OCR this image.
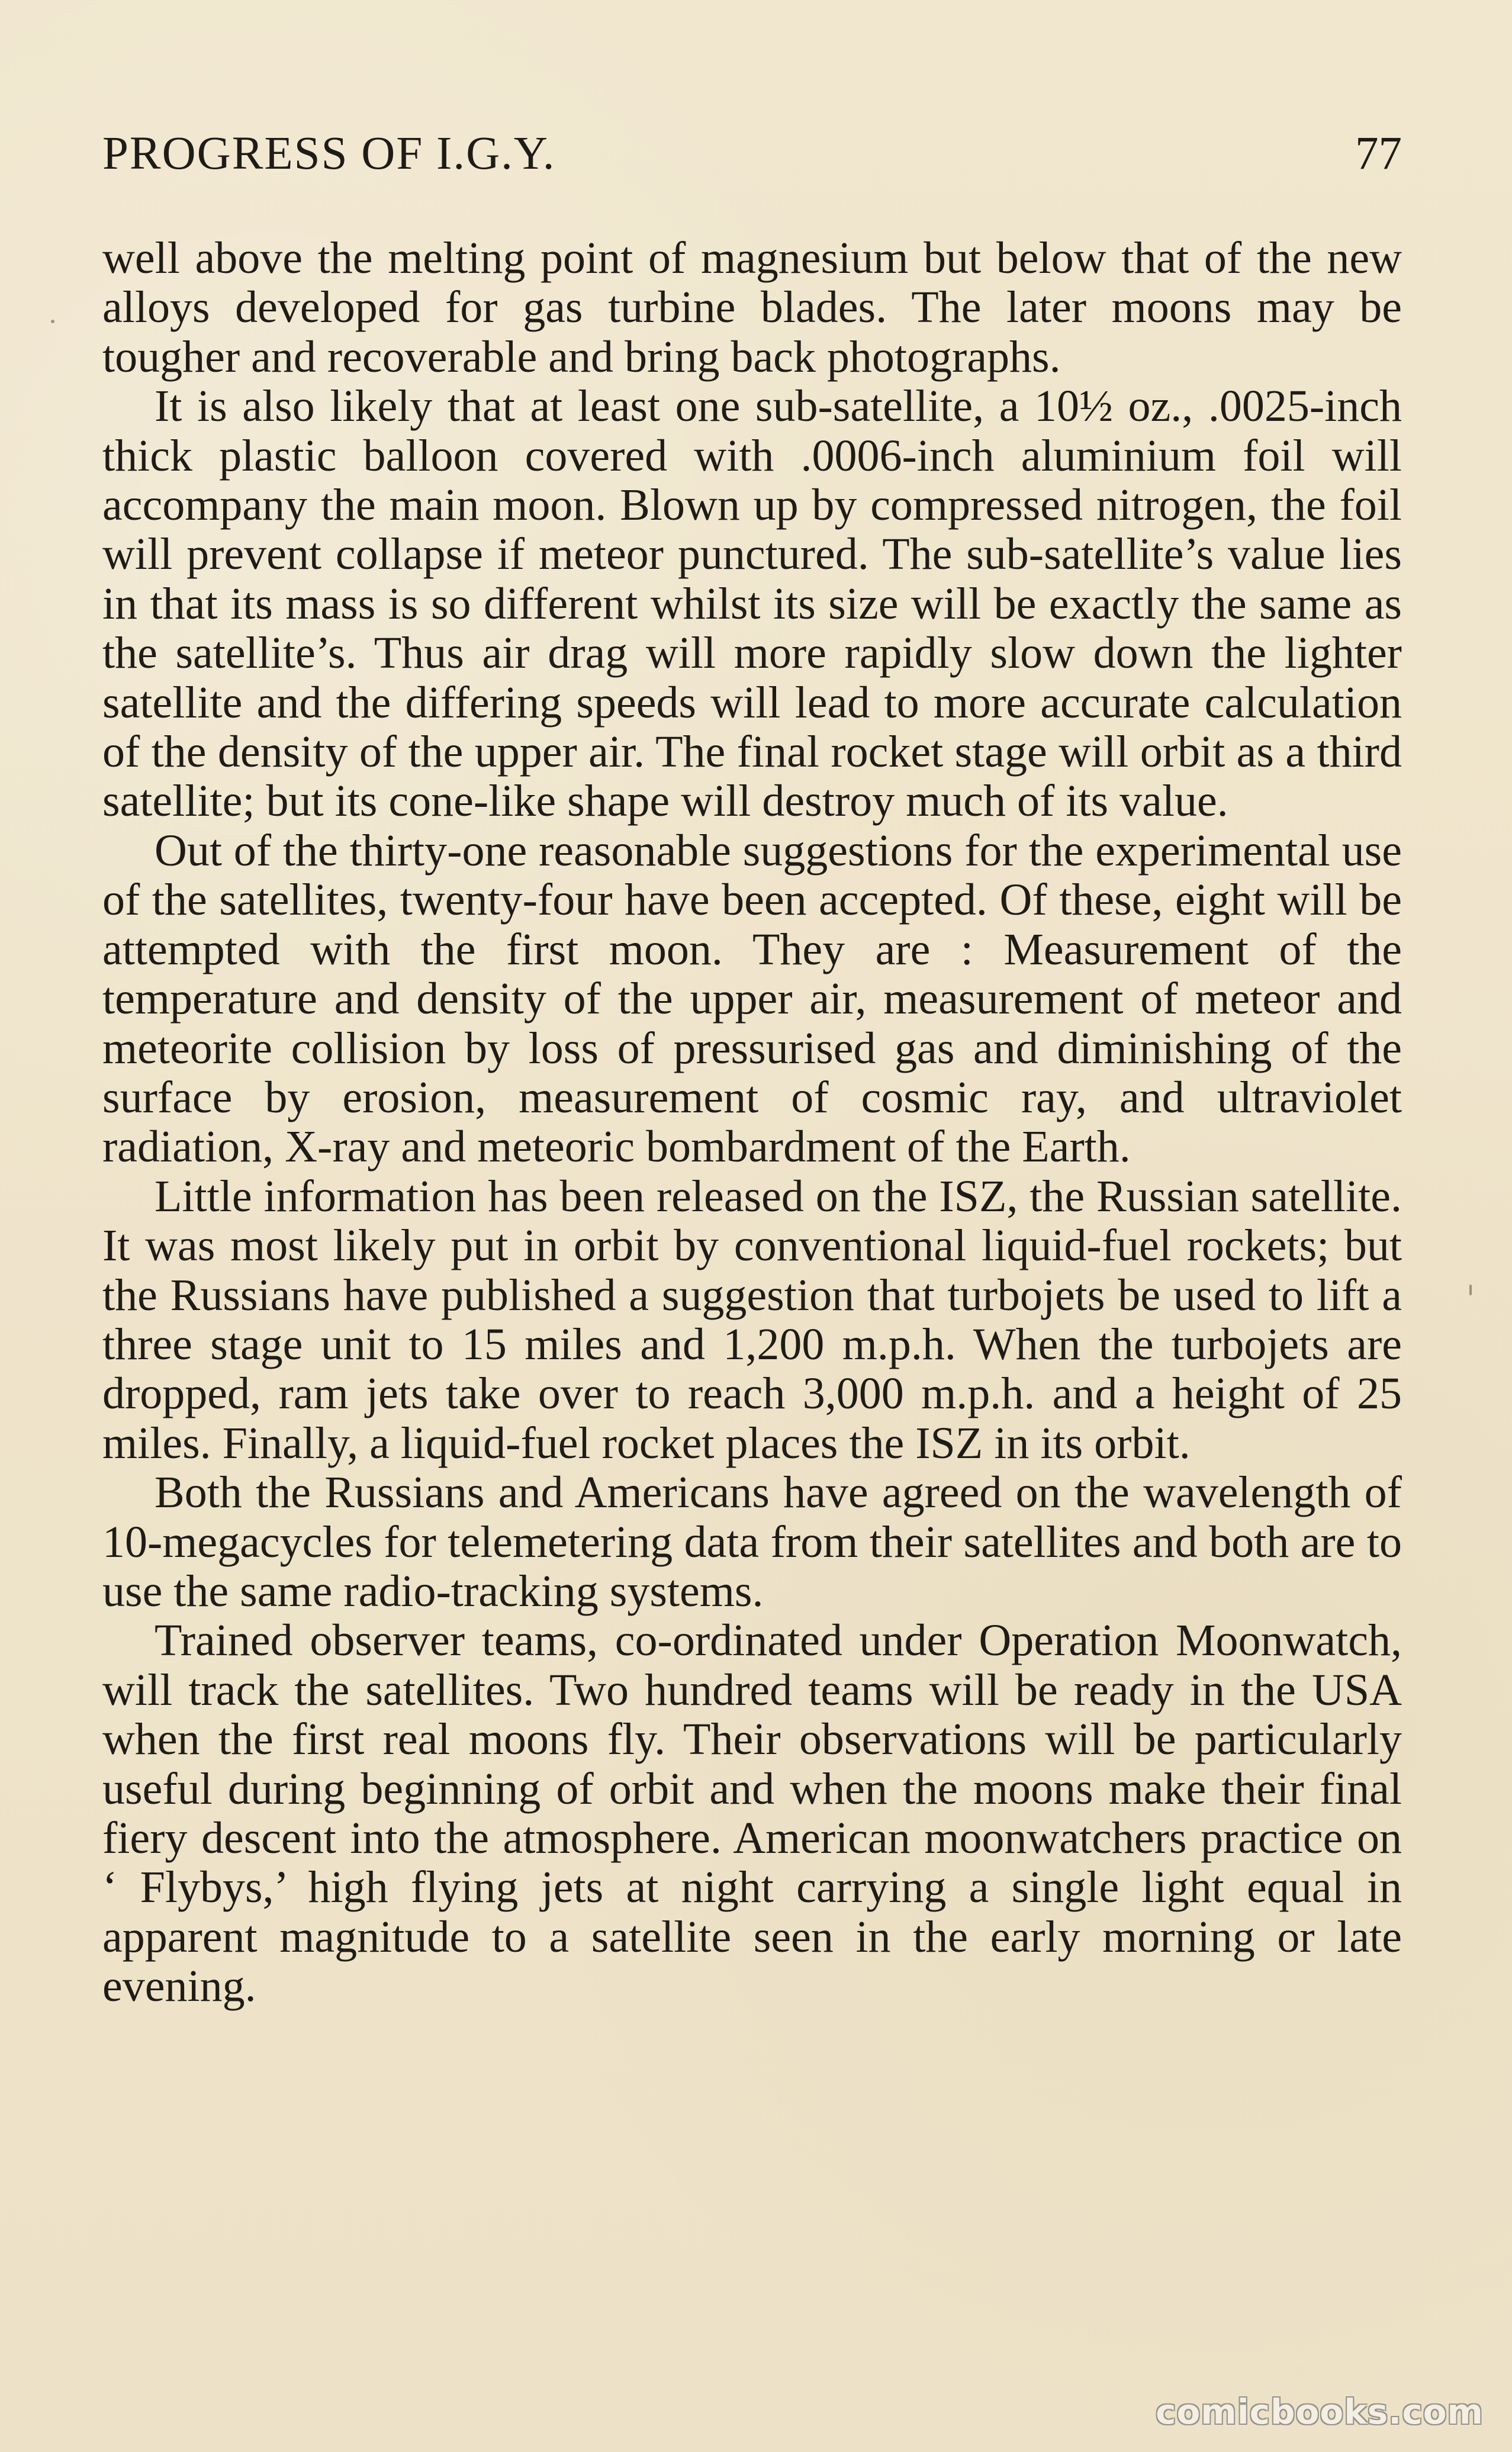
PROGRESS OF I.G.Y.	77

well above the melting point of magnesium but below that of the new alloys developed for gas turbine blades. The later moons may be tougher and recoverable and bring back photographs.

It is also likely that at least one sub-satellite, a 10½ oz., .0025-inch thick plastic balloon covered with .0006-inch aluminium foil will accompany the main moon. Blown up by compressed nitrogen, the foil will prevent collapse if meteor punctured. The sub-satellite’s value lies in that its mass is so different whilst its size will be exactly the same as the satellite’s. Thus air drag will more rapidly slow down the lighter satellite and the differing speeds will lead to more accurate calculation of the density of the upper air. The final rocket stage will orbit as a third satellite; but its cone-like shape will destroy much of its value.

Out of the thirty-one reasonable suggestions for the experimental use of the satellites, twenty-four have been accepted. Of these, eight will be attempted with the first moon. They are : Measurement of the temperature and density of the upper air, measurement of meteor and meteorite collision by loss of pressurised gas and diminishing of the surface by erosion, measurement of cosmic ray, and ultraviolet radiation, X-ray and meteoric bombardment of the Earth.

Little information has been released on the ISZ, the Russian satellite. It was most likely put in orbit by conventional liquid-fuel rockets; but the Russians have published a suggestion that turbojets be used to lift a three stage unit to 15 miles and 1,200 m.p.h. When the turbojets are dropped, ram jets take over to reach 3,000 m.p.h. and a height of 25 miles. Finally, a liquid-fuel rocket places the ISZ in its orbit.

Both the Russians and Americans have agreed on the wavelength of 10-megacycles for telemetering data from their satellites and both are to use the same radio-tracking systems.

Trained observer teams, co-ordinated under Operation Moonwatch, will track the satellites. Two hundred teams will be ready in the USA when the first real moons fly. Their observations will be particularly useful during beginning of orbit and when the moons make their final fiery descent into the atmosphere. American moonwatchers practice on ‘ Flybys,’ high flying jets at night carrying a single light equal in apparent magnitude to a satellite seen in the early morning or late evening.

comicbooks.com
